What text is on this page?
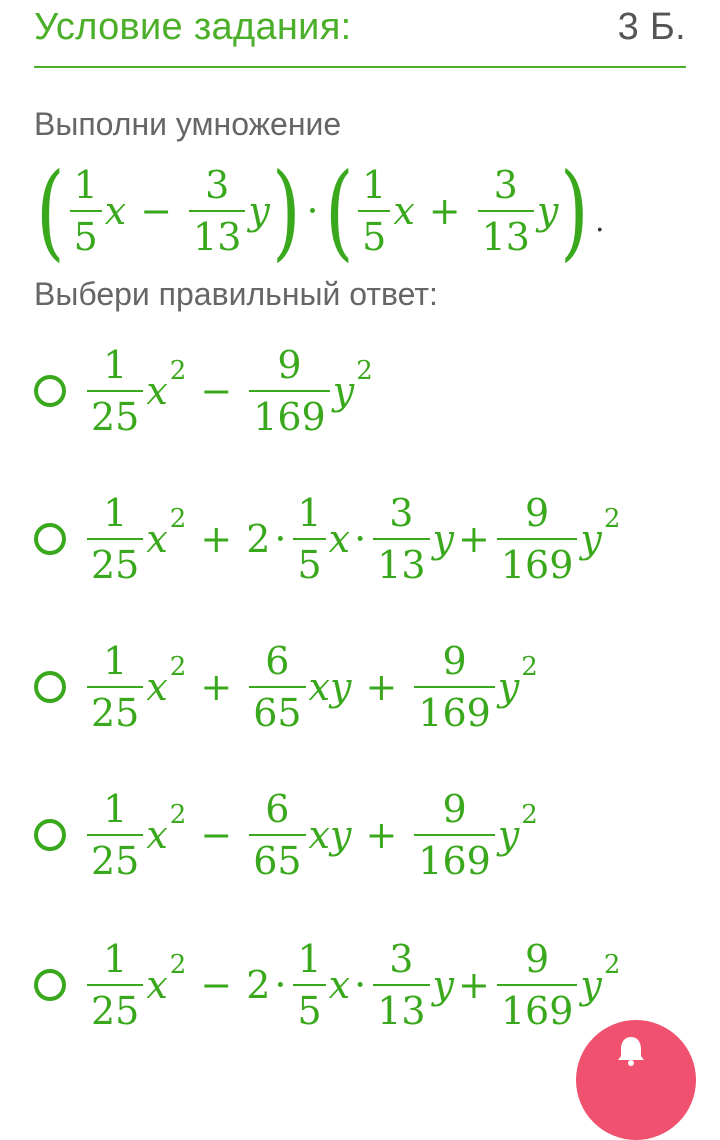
Условие задания:	3 Б.
Выполни умножение
( $\frac{1}{5}$ $x - \frac{3}{13}$ y ) · ( $\frac{1}{5}$ $x + \frac{3}{13}$ y ) .
Выбери правильный ответ:
$\frac{1}{25}$ x $2 - \frac{9}{169}$ y 2
$\frac{1}{25}$ x $2 + 2 \cdot \frac{1}{5}$ $x \cdot \frac{3}{13}$ $y + \frac{9}{169}$ y 2
$\frac{1}{25}$ x $2 + \frac{6}{65}$ xy + $\frac{9}{169}$ y 2
$\frac{1}{25}$ x $2 - \frac{6}{65}$ xy + $\frac{9}{169}$ y 2
$\frac{1}{25}$ x $2 - 2 \cdot \frac{1}{5}$ $x \cdot \frac{3}{13}$ $y + \frac{9}{169}$ y 2
